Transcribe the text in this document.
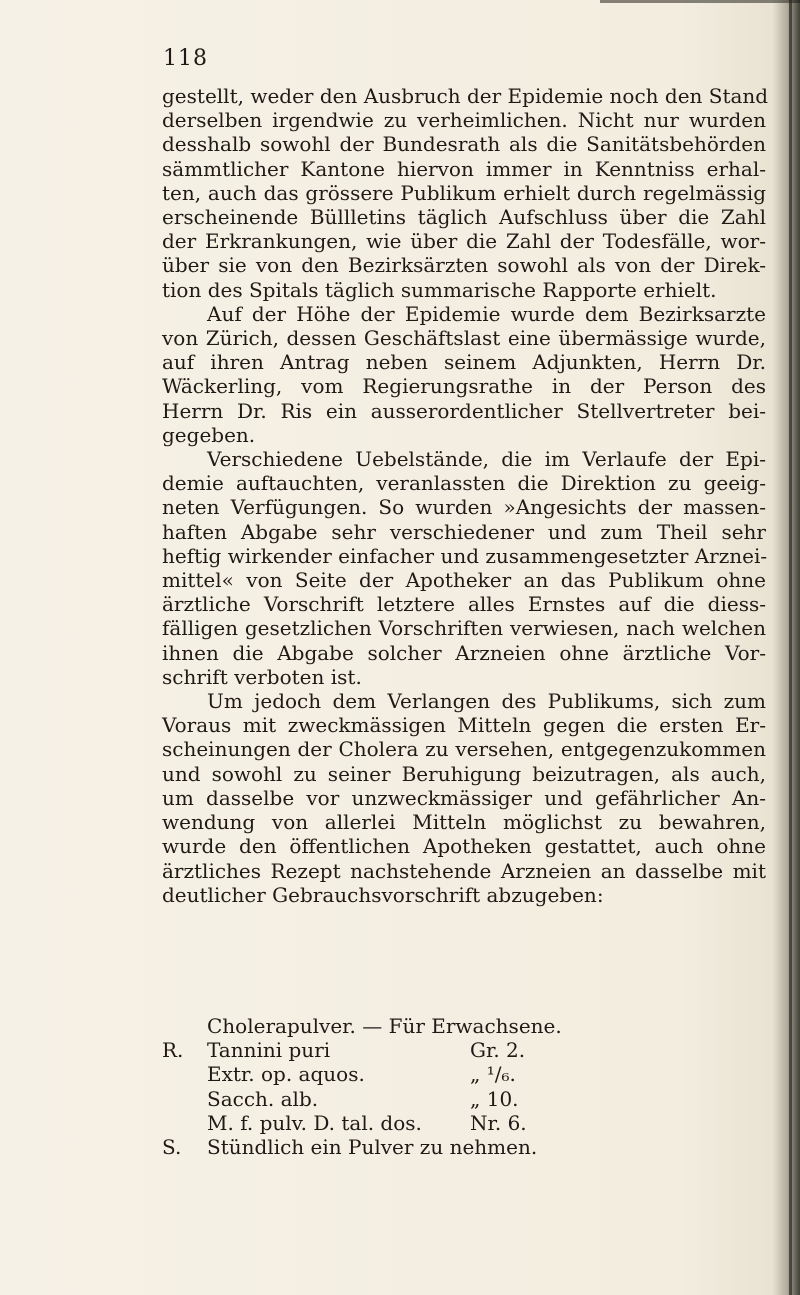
118
gestellt, weder den Ausbruch der Epidemie noch den Stand
derselben irgendwie zu verheimlichen. Nicht nur wurden
desshalb sowohl der Bundesrath als die Sanitätsbehörden
sämmtlicher Kantone hiervon immer in Kenntniss erhal-
ten, auch das grössere Publikum erhielt durch regelmässig
erscheinende Büllletins täglich Aufschluss über die Zahl
der Erkrankungen, wie über die Zahl der Todesfälle, wor-
über sie von den Bezirksärzten sowohl als von der Direk-
tion des Spitals täglich summarische Rapporte erhielt.
Auf der Höhe der Epidemie wurde dem Bezirksarzte
von Zürich, dessen Geschäftslast eine übermässige wurde,
auf ihren Antrag neben seinem Adjunkten, Herrn Dr.
Wäckerling, vom Regierungsrathe in der Person des
Herrn Dr. Ris ein ausserordentlicher Stellvertreter bei-
gegeben.
Verschiedene Uebelstände, die im Verlaufe der Epi-
demie auftauchten, veranlassten die Direktion zu geeig-
neten Verfügungen. So wurden »Angesichts der massen-
haften Abgabe sehr verschiedener und zum Theil sehr
heftig wirkender einfacher und zusammengesetzter Arznei-
mittel« von Seite der Apotheker an das Publikum ohne
ärztliche Vorschrift letztere alles Ernstes auf die diess-
fälligen gesetzlichen Vorschriften verwiesen, nach welchen
ihnen die Abgabe solcher Arzneien ohne ärztliche Vor-
schrift verboten ist.
Um jedoch dem Verlangen des Publikums, sich zum
Voraus mit zweckmässigen Mitteln gegen die ersten Er-
scheinungen der Cholera zu versehen, entgegenzukommen
und sowohl zu seiner Beruhigung beizutragen, als auch,
um dasselbe vor unzweckmässiger und gefährlicher An-
wendung von allerlei Mitteln möglichst zu bewahren,
wurde den öffentlichen Apotheken gestattet, auch ohne
ärztliches Rezept nachstehende Arzneien an dasselbe mit
deutlicher Gebrauchsvorschrift abzugeben:
Cholerapulver. — Für Erwachsene.
R. Tannini puri	Gr. 2.
Extr. op. aquos.	„ ¹/₆.
Sacch. alb.	„ 10.
M. f. pulv. D. tal. dos. Nr. 6.
S. Stündlich ein Pulver zu nehmen.
